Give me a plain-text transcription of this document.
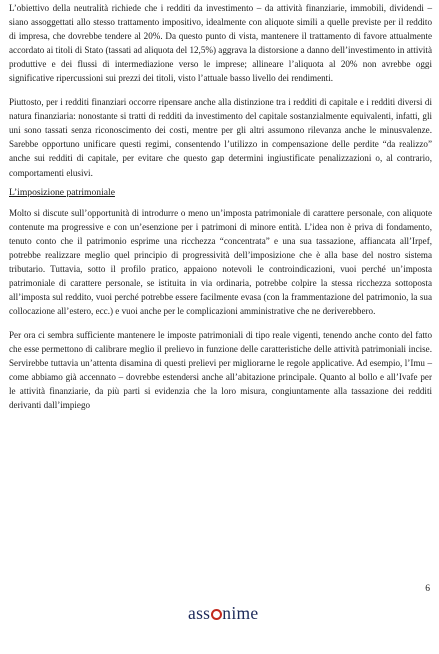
L’obiettivo della neutralità richiede che i redditi da investimento – da attività finanziarie, immobili, dividendi – siano assoggettati allo stesso trattamento impositivo, idealmente con aliquote simili a quelle previste per il reddito di impresa, che dovrebbe tendere al 20%. Da questo punto di vista, mantenere il trattamento di favore attualmente accordato ai titoli di Stato (tassati ad aliquota del 12,5%) aggrava la distorsione a danno dell’investimento in attività produttive e dei flussi di intermediazione verso le imprese; allineare l’aliquota al 20% non avrebbe oggi significative ripercussioni sui prezzi dei titoli, visto l’attuale basso livello dei rendimenti.

Piuttosto, per i redditi finanziari occorre ripensare anche alla distinzione tra i redditi di capitale e i redditi diversi di natura finanziaria: nonostante si tratti di redditi da investimento del capitale sostanzialmente equivalenti, infatti, gli uni sono tassati senza riconoscimento dei costi, mentre per gli altri assumono rilevanza anche le minusvalenze. Sarebbe opportuno unificare questi regimi, consentendo l’utilizzo in compensazione delle perdite “da realizzo” anche sui redditi di capitale, per evitare che questo gap determini ingiustificate penalizzazioni o, al contrario, comportamenti elusivi.

L’imposizione patrimoniale

Molto si discute sull’opportunità di introdurre o meno un’imposta patrimoniale di carattere personale, con aliquote contenute ma progressive e con un’esenzione per i patrimoni di minore entità. L’idea non è priva di fondamento, tenuto conto che il patrimonio esprime una ricchezza “concentrata” e una sua tassazione, affiancata all’Irpef, potrebbe realizzare meglio quel principio di progressività dell’imposizione che è alla base del nostro sistema tributario. Tuttavia, sotto il profilo pratico, appaiono notevoli le controindicazioni, vuoi perché un’imposta patrimoniale di carattere personale, se istituita in via ordinaria, potrebbe colpire la stessa ricchezza sottoposta all’imposta sul reddito, vuoi perché potrebbe essere facilmente evasa (con la frammentazione del patrimonio, la sua collocazione all’estero, ecc.) e vuoi anche per le complicazioni amministrative che ne deriverebbero.

Per ora ci sembra sufficiente mantenere le imposte patrimoniali di tipo reale vigenti, tenendo anche conto del fatto che esse permettono di calibrare meglio il prelievo in funzione delle caratteristiche delle attività patrimoniali incise. Servirebbe tuttavia un’attenta disamina di questi prelievi per migliorarne le regole applicative. Ad esempio, l’Imu – come abbiamo già accennato – dovrebbe estendersi anche all’abitazione principale. Quanto al bollo e all’Ivafe per le attività finanziarie, da più parti si evidenzia che la loro misura, congiuntamente alla tassazione dei redditi derivanti dall’impiego

6
ass nime
